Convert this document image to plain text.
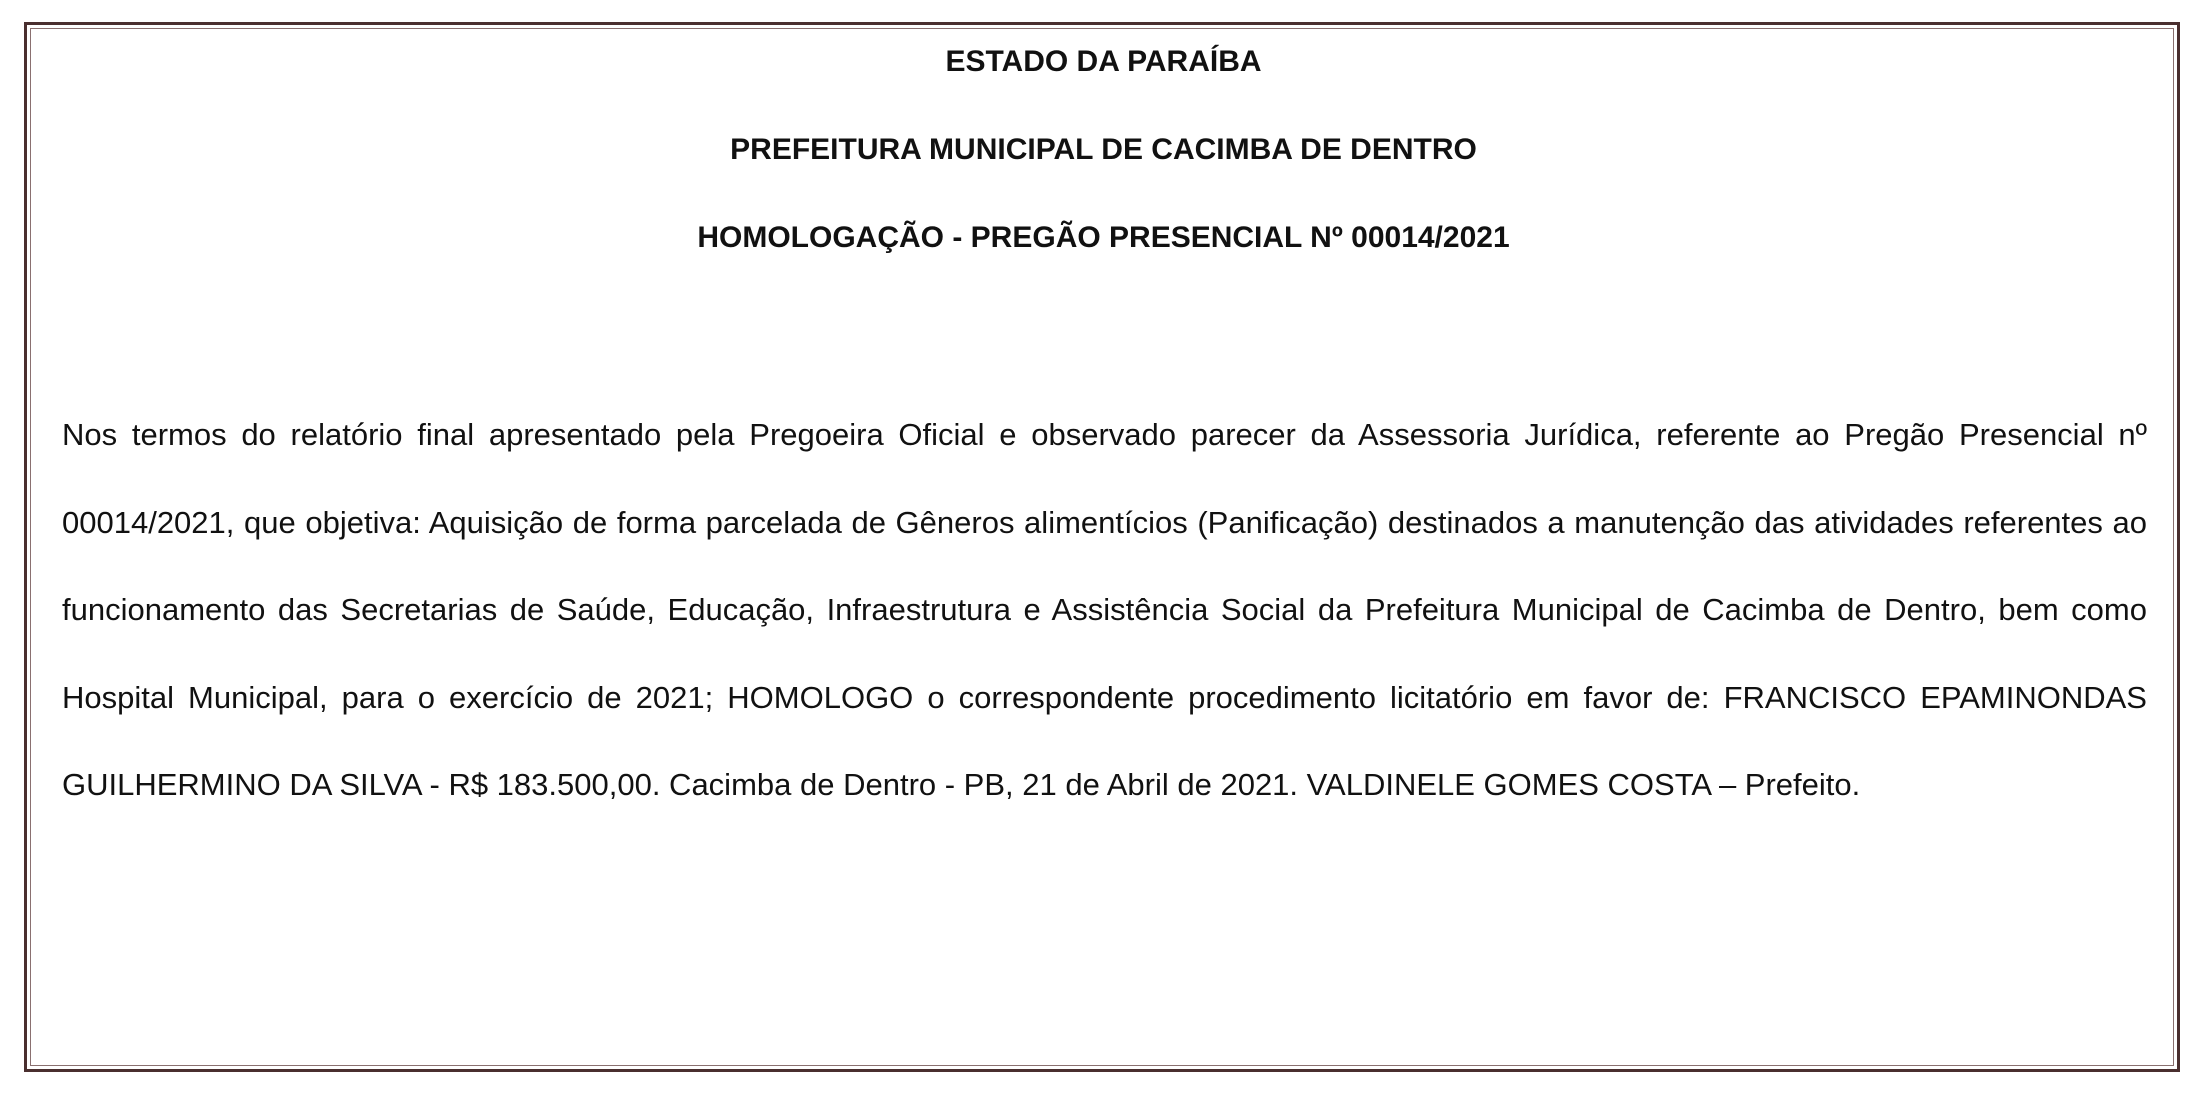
ESTADO DA PARAÍBA
PREFEITURA MUNICIPAL DE CACIMBA DE DENTRO
HOMOLOGAÇÃO - PREGÃO PRESENCIAL Nº 00014/2021

Nos termos do relatório final apresentado pela Pregoeira Oficial e observado parecer da Assessoria Jurídica, referente ao Pregão Presencial nº 00014/2021, que objetiva: Aquisição de forma parcelada de Gêneros alimentícios (Panificação) destinados a manutenção das atividades referentes ao funcionamento das Secretarias de Saúde, Educação, Infraestrutura e Assistência Social da Prefeitura Municipal de Cacimba de Dentro, bem como Hospital Municipal, para o exercício de 2021; HOMOLOGO o correspondente procedimento licitatório em favor de: FRANCISCO EPAMINONDAS GUILHERMINO DA SILVA - R$ 183.500,00. Cacimba de Dentro - PB, 21 de Abril de 2021. VALDINELE GOMES COSTA – Prefeito.
